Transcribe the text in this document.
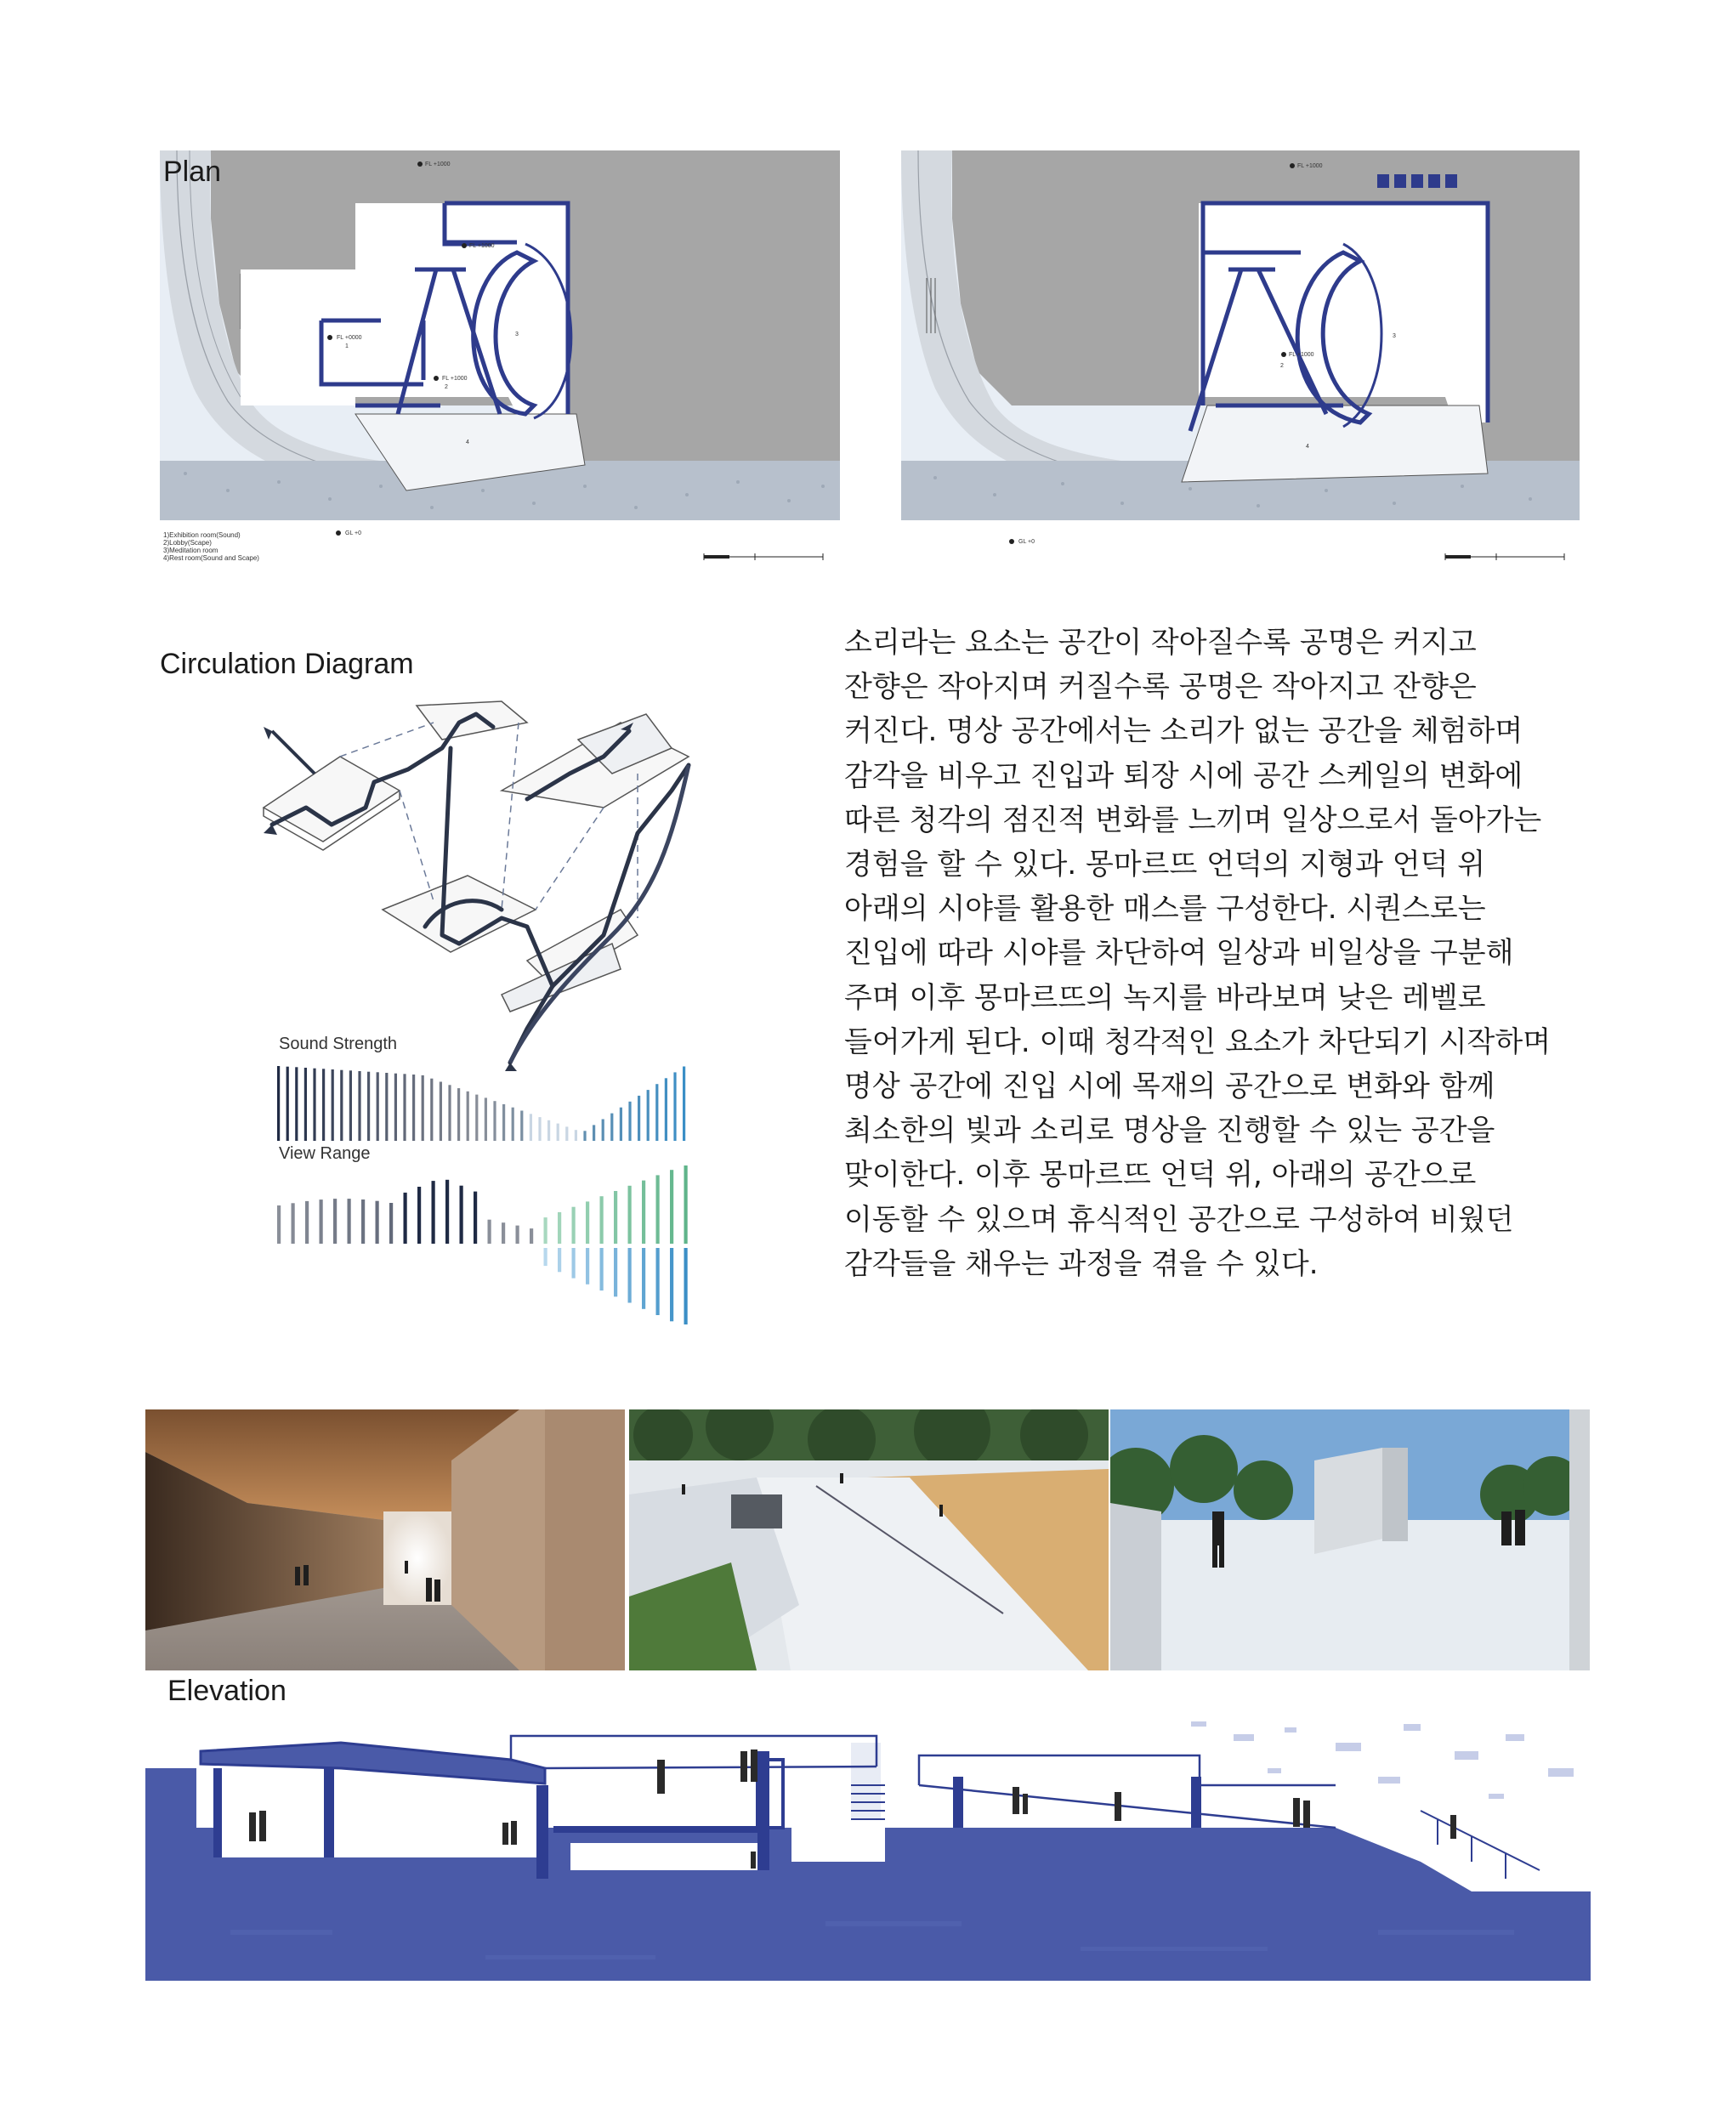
FL +1000
FL +1000
FL +0000
FL +1000
GL +0
1
2
3
4
Plan
1)Exhibition room(Sound)
2)Lobby(Scape)
3)Meditation room
4)Rest room(Sound and Scape)
FL +1000
FL +1000
GL +0
2
3
4
Circulation Diagram
Sound Strength
View Range
소리라는 요소는 공간이 작아질수록 공명은 커지고
잔향은 작아지며 커질수록 공명은 작아지고 잔향은
커진다. 명상 공간에서는 소리가 없는 공간을 체험하며
감각을 비우고 진입과 퇴장 시에 공간 스케일의 변화에
따른 청각의 점진적 변화를 느끼며 일상으로서 돌아가는
경험을 할 수 있다. 몽마르뜨 언덕의 지형과 언덕 위
아래의 시야를 활용한 매스를 구성한다. 시퀀스로는
진입에 따라 시야를 차단하여 일상과 비일상을 구분해
주며 이후 몽마르뜨의 녹지를 바라보며 낮은 레벨로
들어가게 된다. 이때 청각적인 요소가 차단되기 시작하며
명상 공간에 진입 시에 목재의 공간으로 변화와 함께
최소한의 빛과 소리로 명상을 진행할 수 있는 공간을
맞이한다. 이후 몽마르뜨 언덕 위, 아래의 공간으로
이동할 수 있으며 휴식적인 공간으로 구성하여 비웠던
감각들을 채우는 과정을 겪을 수 있다.
Elevation
